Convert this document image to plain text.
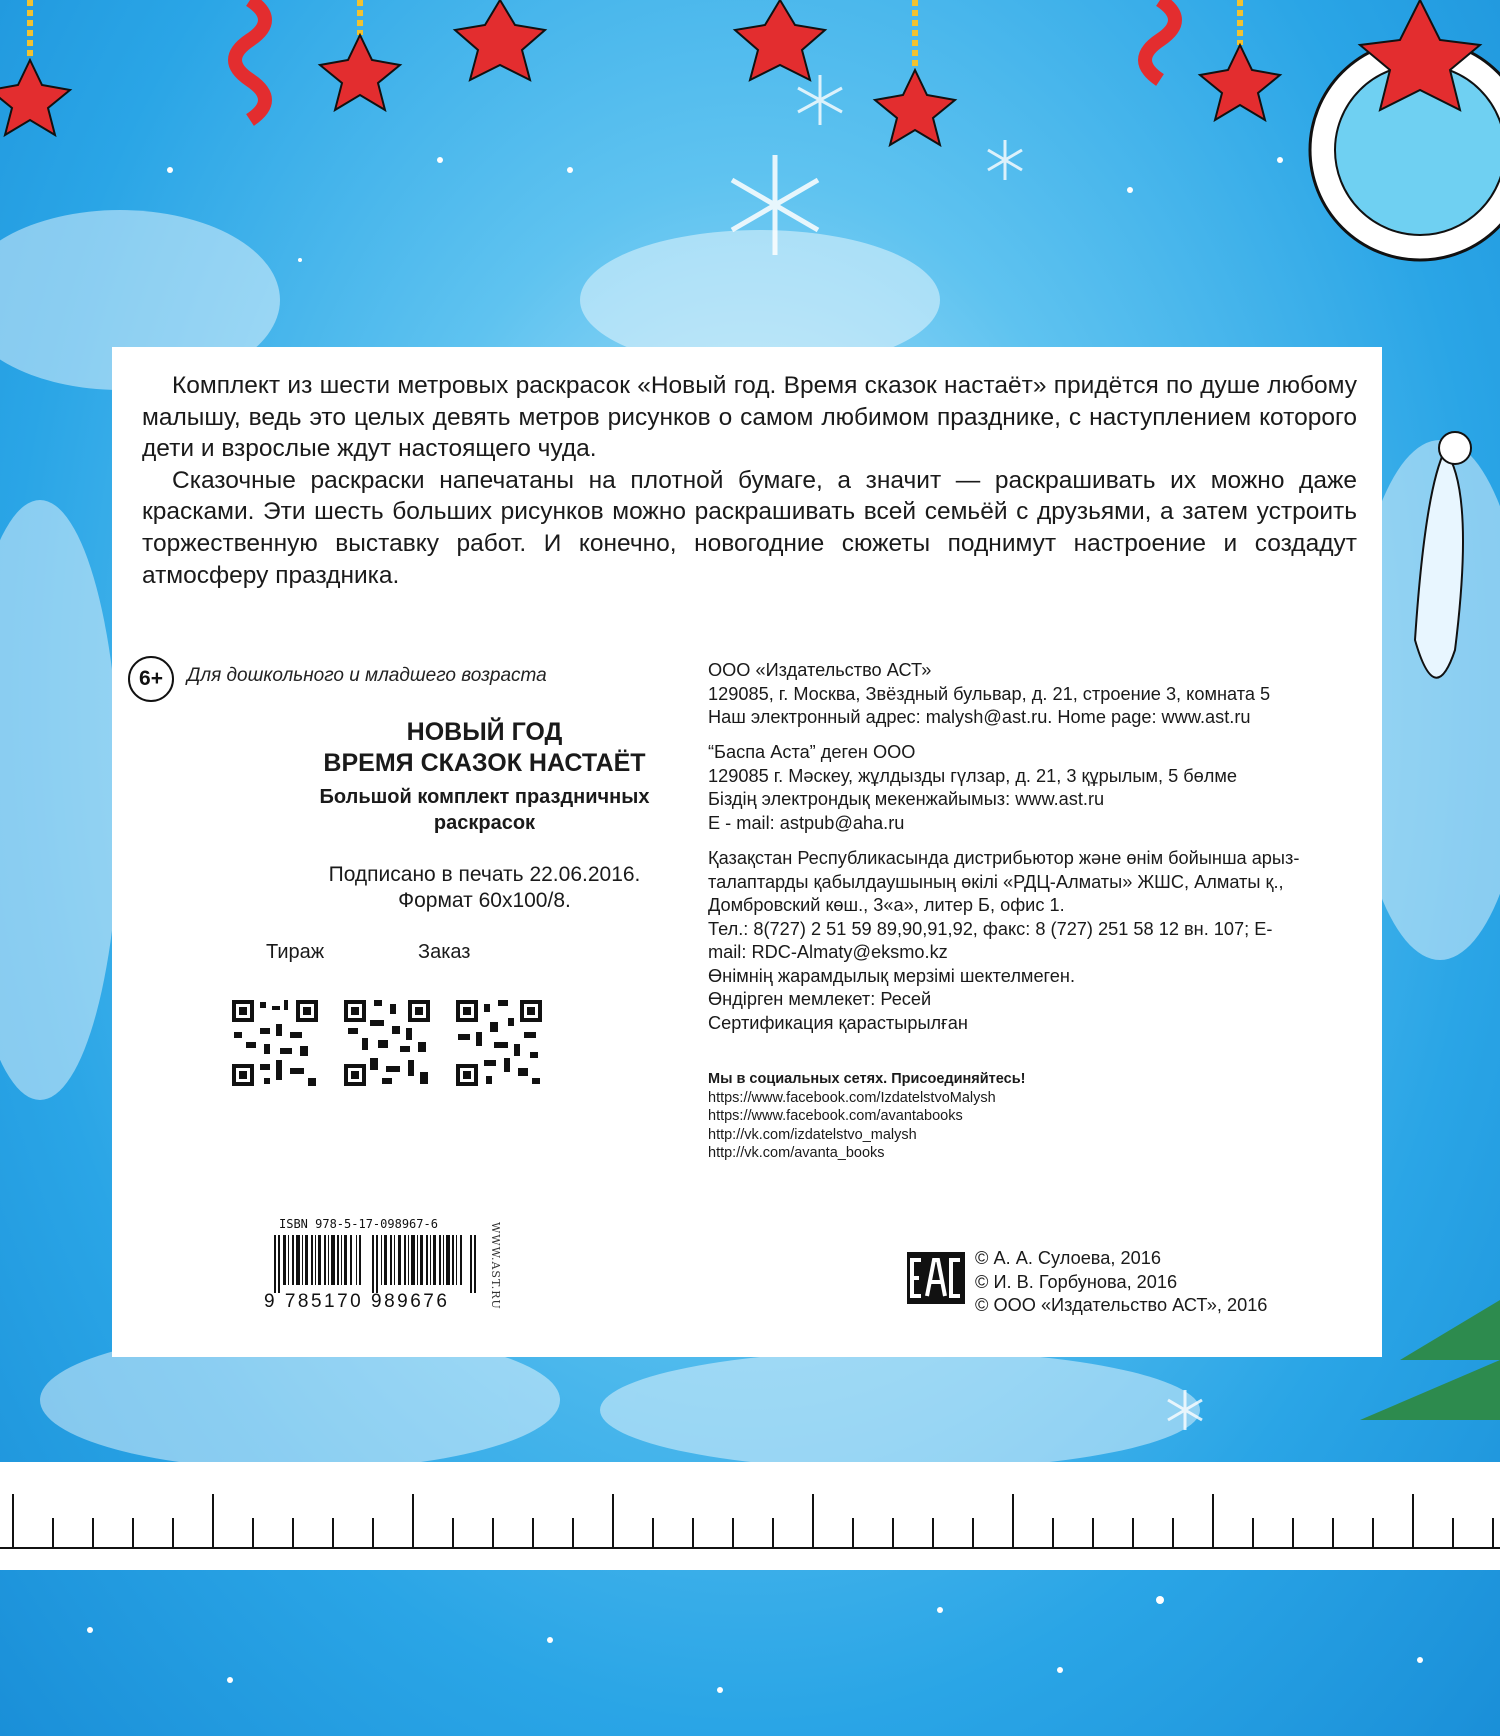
Комплект из шести метровых раскрасок «Новый год. Время сказок настаёт» придётся по душе любому малышу, ведь это целых девять метров рисунков о самом любимом празднике, с наступлением которого дети и взрослые ждут настоящего чуда.

Сказочные раскраски напечатаны на плотной бумаге, а значит — раскрашивать их можно даже красками. Эти шесть больших рисунков можно раскрашивать всей семьёй с друзьями, а затем устроить торжественную выставку работ. И конечно, новогодние сюжеты поднимут настроение и создадут атмосферу праздника.

6+	Для дошкольного и младшего возраста
НОВЫЙ ГОД
ВРЕМЯ СКАЗОК НАСТАЁТ
Большой комплект праздничных
раскрасок
Подписано в печать 22.06.2016.
Формат 60х100/8.
Тираж	Заказ
ООО «Издательство АСТ»
129085, г. Москва, Звёздный бульвар, д. 21, строение 3, комната 5
Наш электронный адрес: malysh@ast.ru. Home page: www.ast.ru
“Баспа Аста” деген ООО
129085 г. Мәскеу, жұлдызды гүлзар, д. 21, 3 құрылым, 5 бөлме
Біздің электрондық мекенжайымыз: www.ast.ru
E - mail: astpub@aha.ru
Қазақстан Республикасында дистрибьютор және өнім бойынша арыз-
талаптарды қабылдаушының өкілі «РДЦ-Алматы» ЖШС, Алматы қ.,
Домбровский көш., 3«а», литер Б, офис 1.
Тел.: 8(727) 2 51 59 89,90,91,92, факс: 8 (727) 251 58 12 вн. 107; E-
mail: RDC-Almaty@eksmo.kz
Өнімнің жарамдылық мерзімі шектелмеген.
Өндірген мемлекет: Ресей
Сертификация қарастырылған
Мы в социальных сетях. Присоединяйтесь!
https://www.facebook.com/IzdatelstvoMalysh
https://www.facebook.com/avantabooks
http://vk.com/izdatelstvo_malysh
http://vk.com/avanta_books
ISBN 978-5-17-098967-6
9 785170 989676	WWW.AST.RU	© А. А. Сулоева, 2016
© И. В. Горбунова, 2016
© ООО «Издательство АСТ», 2016
